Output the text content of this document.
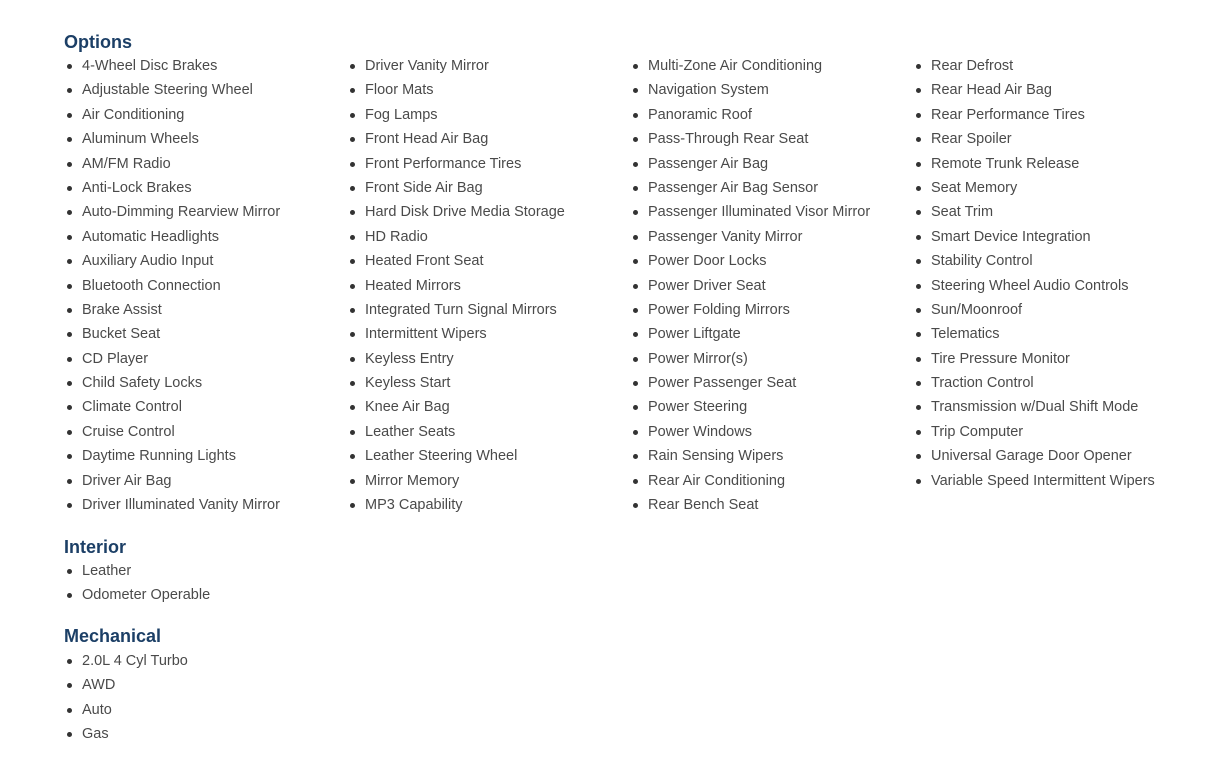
Options
4-Wheel Disc Brakes
Adjustable Steering Wheel
Air Conditioning
Aluminum Wheels
AM/FM Radio
Anti-Lock Brakes
Auto-Dimming Rearview Mirror
Automatic Headlights
Auxiliary Audio Input
Bluetooth Connection
Brake Assist
Bucket Seat
CD Player
Child Safety Locks
Climate Control
Cruise Control
Daytime Running Lights
Driver Air Bag
Driver Illuminated Vanity Mirror
Driver Vanity Mirror
Floor Mats
Fog Lamps
Front Head Air Bag
Front Performance Tires
Front Side Air Bag
Hard Disk Drive Media Storage
HD Radio
Heated Front Seat
Heated Mirrors
Integrated Turn Signal Mirrors
Intermittent Wipers
Keyless Entry
Keyless Start
Knee Air Bag
Leather Seats
Leather Steering Wheel
Mirror Memory
MP3 Capability
Multi-Zone Air Conditioning
Navigation System
Panoramic Roof
Pass-Through Rear Seat
Passenger Air Bag
Passenger Air Bag Sensor
Passenger Illuminated Visor Mirror
Passenger Vanity Mirror
Power Door Locks
Power Driver Seat
Power Folding Mirrors
Power Liftgate
Power Mirror(s)
Power Passenger Seat
Power Steering
Power Windows
Rain Sensing Wipers
Rear Air Conditioning
Rear Bench Seat
Rear Defrost
Rear Head Air Bag
Rear Performance Tires
Rear Spoiler
Remote Trunk Release
Seat Memory
Seat Trim
Smart Device Integration
Stability Control
Steering Wheel Audio Controls
Sun/Moonroof
Telematics
Tire Pressure Monitor
Traction Control
Transmission w/Dual Shift Mode
Trip Computer
Universal Garage Door Opener
Variable Speed Intermittent Wipers
Interior
Leather
Odometer Operable
Mechanical
2.0L 4 Cyl Turbo
AWD
Auto
Gas
